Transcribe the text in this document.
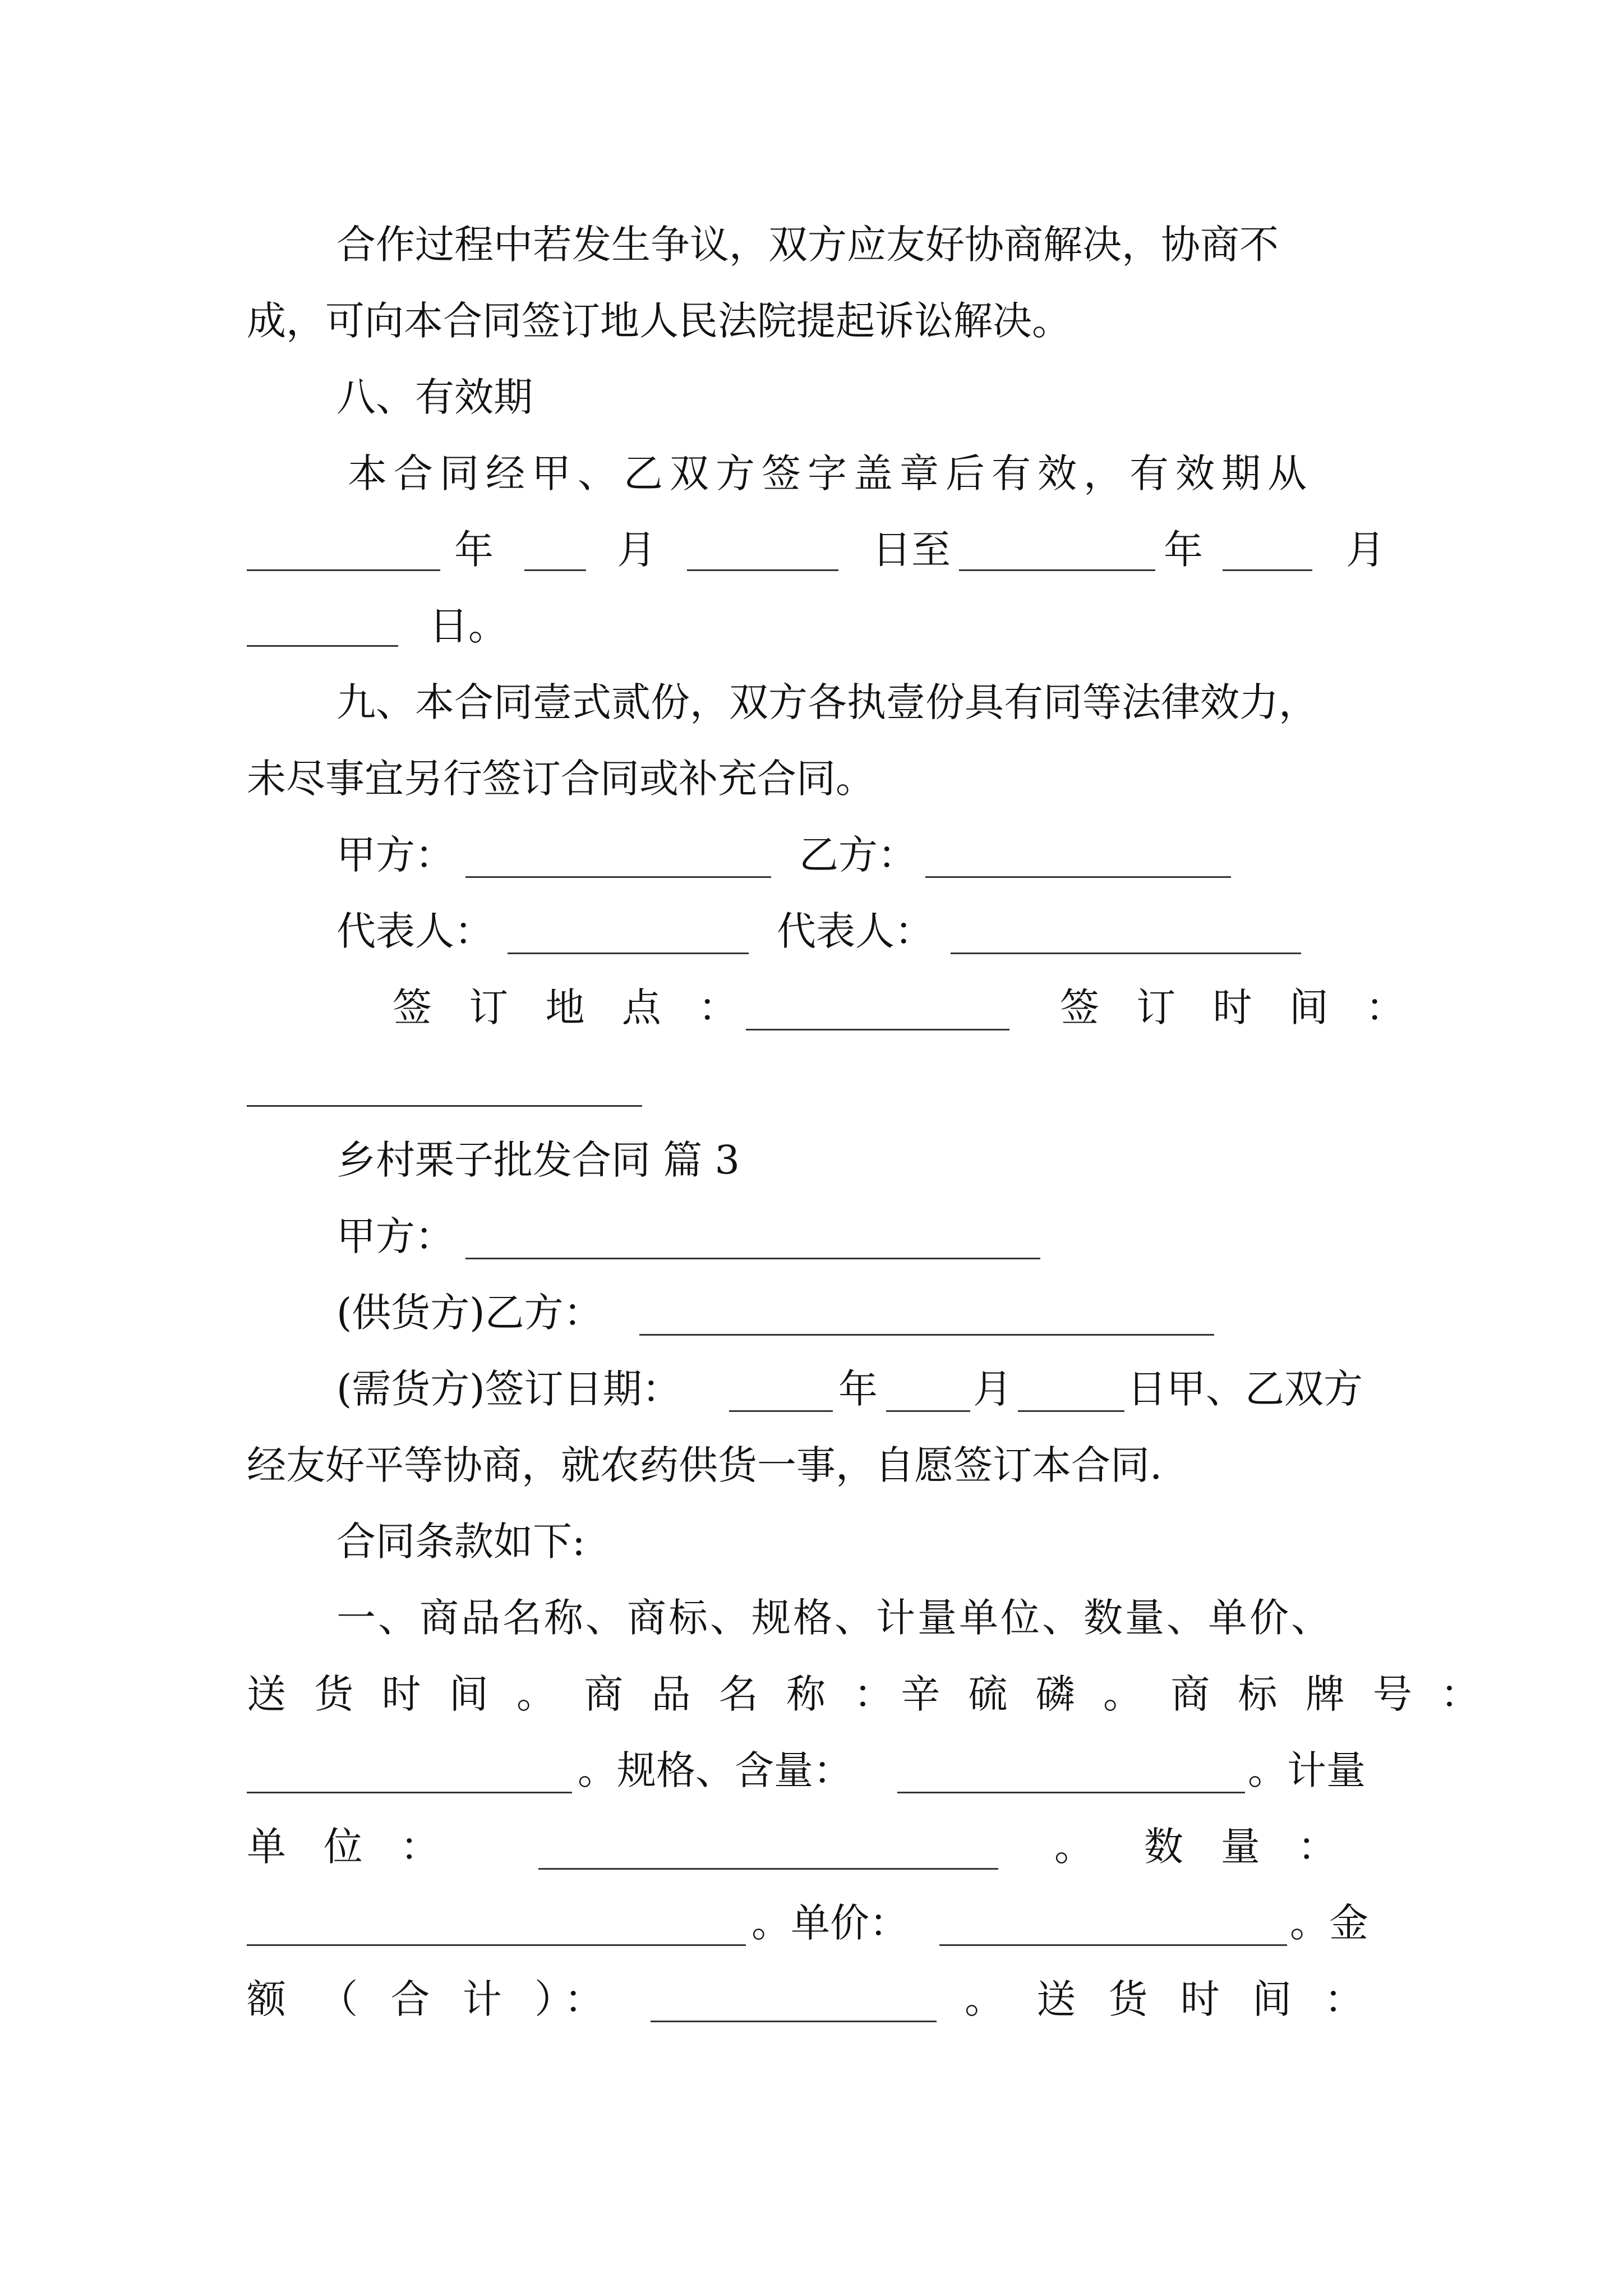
合作过程中若发生争议，双方应友好协商解决，协商不
成，可向本合同签订地人民法院提起诉讼解决。
八、有效期
本合同经甲、乙双方签字盖章后有效，有效期从
年	月	日至	年	月
日。
九、本合同壹式贰份，双方各执壹份具有同等法律效力，
未尽事宜另行签订合同或补充合同。
甲方：	乙方：
代表人：	代表人：
签 订 地 点 ：	签 订 时 间 ：
乡村栗子批发合同 篇 3
甲方：
(供货方)乙方：
(需货方)签订日期：	年 月	日甲、乙双方
经友好平等协商，就农药供货一事，自愿签订本合同.
合同条款如下:
一、商品名称、商标、规格、计量单位、数量、单价、
送 货 时 间 。 商 品 名 称 ：辛 硫 磷 。 商 标 牌 号 ：
。规格、含量：	。计量
单   位   ：	。 数   量   ：
。单价：	。金
额 （ 合 计 ）：	。 送 货 时 间 ：
